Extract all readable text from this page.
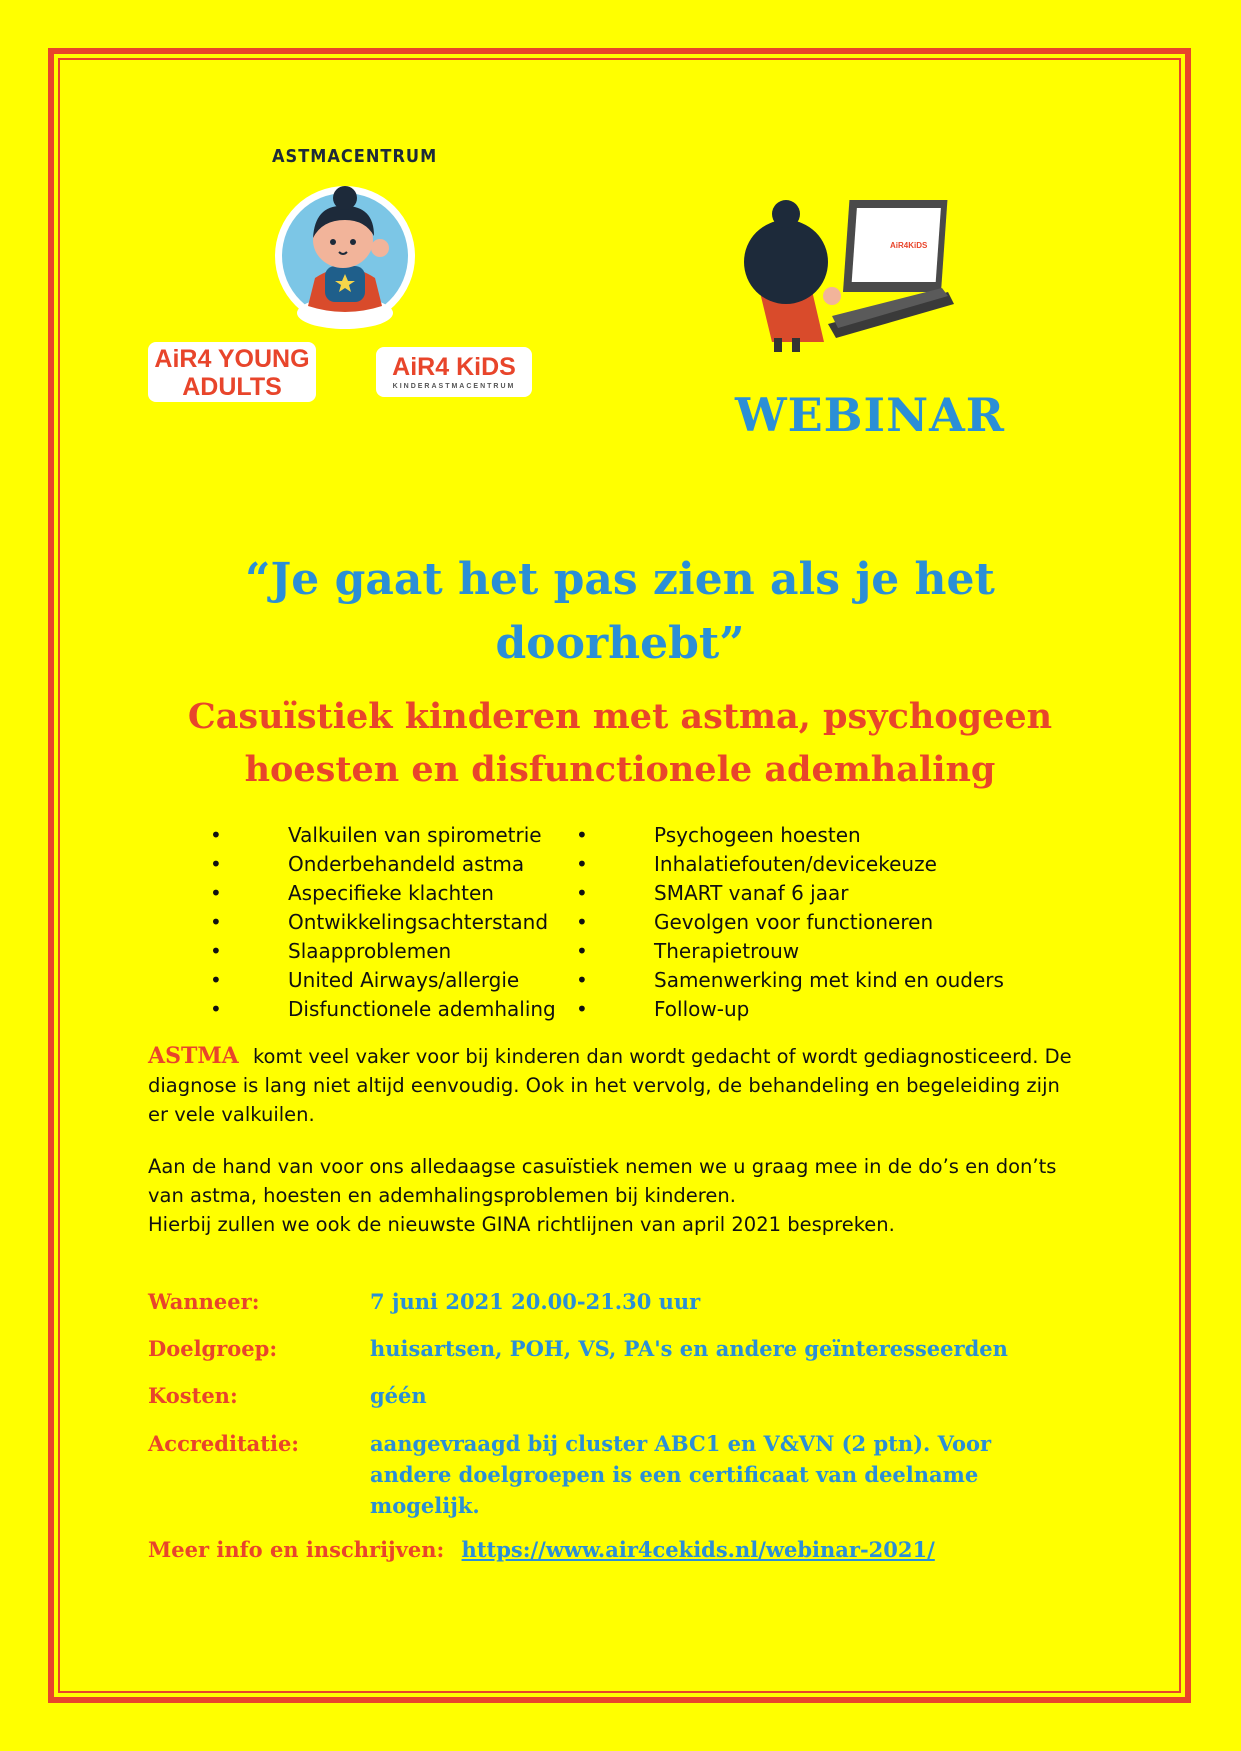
ASTMACENTRUM
AiR4 YOUNG
ADULTS
AiR4 KiDS
KINDERASTMACENTRUM
AiR4KiDS
WEBINAR
“Je gaat het pas zien als je het doorhebt”
Casuïstiek kinderen met astma, psychogeen hoesten en disfunctionele ademhaling
•	Valkuilen van spirometrie
•	Onderbehandeld astma
•	Aspecifieke klachten
•	Ontwikkelingsachterstand
•	Slaapproblemen
•	United Airways/allergie
•	Disfunctionele ademhaling
•	Psychogeen hoesten
•	Inhalatiefouten/devicekeuze
•	SMART vanaf 6 jaar
•	Gevolgen voor functioneren
•	Therapietrouw
•	Samenwerking met kind en ouders
•	Follow-up
ASTMA komt veel vaker voor bij kinderen dan wordt gedacht of wordt gediagnosticeerd. De diagnose is lang niet altijd eenvoudig. Ook in het vervolg, de behandeling en begeleiding zijn er vele valkuilen.
Aan de hand van voor ons alledaagse casuïstiek nemen we u graag mee in de do’s en don’ts van astma, hoesten en ademhalingsproblemen bij kinderen.
Hierbij zullen we ook de nieuwste GINA richtlijnen van april 2021 bespreken.
Wanneer:	7 juni 2021 20.00-21.30 uur
Doelgroep:	huisartsen, POH, VS, PA's en andere geïnteresseerden
Kosten:	géén
Accreditatie:	aangevraagd bij cluster ABC1 en V&VN (2 ptn). Voor andere doelgroepen is een certificaat van deelname mogelijk.
Meer info en inschrijven: https://www.air4cekids.nl/webinar-2021/
